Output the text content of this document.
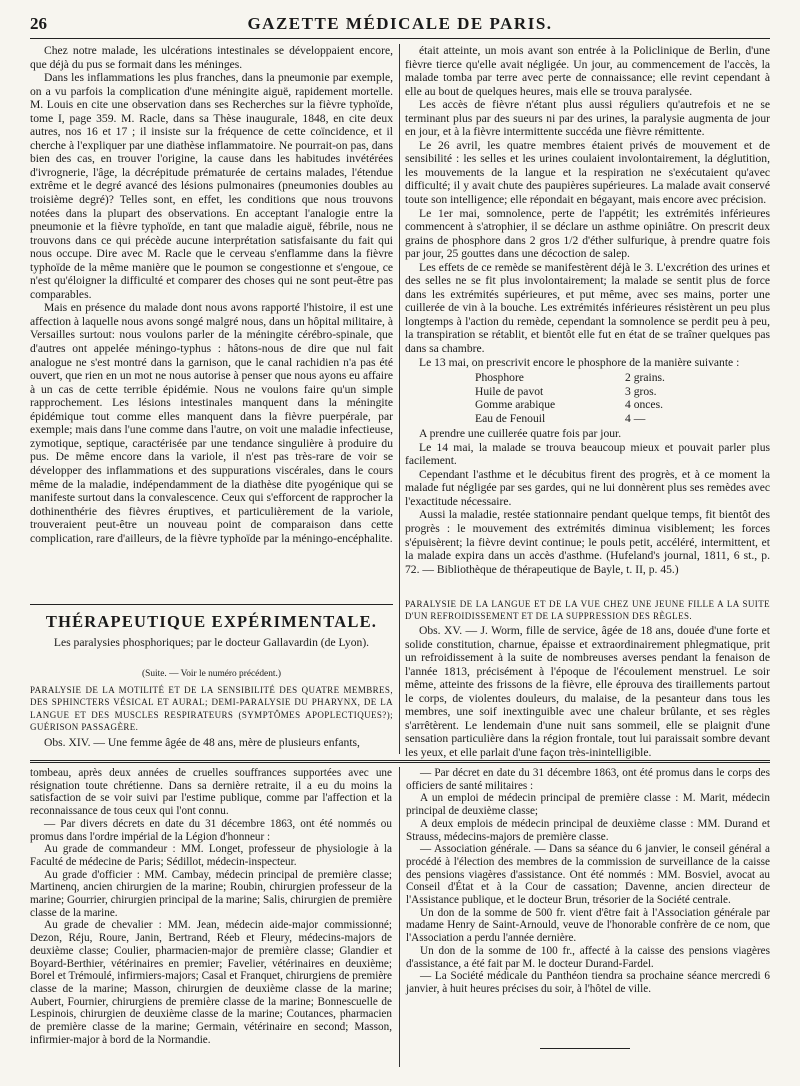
26	GAZETTE MÉDICALE DE PARIS.

Chez notre malade, les ulcérations intestinales se développaient encore, que déjà du pus se formait dans les méninges.

Dans les inflammations les plus franches, dans la pneumonie par exemple, on a vu parfois la complication d'une méningite aiguë, rapidement mortelle. M. Louis en cite une observation dans ses Recherches sur la fièvre typhoïde, tome I, page 359. M. Racle, dans sa Thèse inaugurale, 1848, en cite deux autres, nos 16 et 17 ; il insiste sur la fréquence de cette coïncidence, et il cherche à l'expliquer par une diathèse inflammatoire. Ne pourrait-on pas, dans bien des cas, en trouver l'origine, la cause dans les habitudes invétérées d'ivrognerie, l'âge, la décrépitude prématurée de certains malades, l'étendue extrême et le degré avancé des lésions pulmonaires (pneumonies doubles au troisième degré)? Telles sont, en effet, les conditions que nous trouvons notées dans la plupart des observations. En acceptant l'analogie entre la pneumonie et la fièvre typhoïde, en tant que maladie aiguë, fébrile, nous ne trouvons dans ce qui précède aucune interprétation satisfaisante du fait qui nous occupe. Dire avec M. Racle que le cerveau s'enflamme dans la fièvre typhoïde de la même manière que le poumon se congestionne et s'engoue, ce n'est qu'éloigner la difficulté et comparer des choses qui ne sont peut-être pas comparables.

Mais en présence du malade dont nous avons rapporté l'histoire, il est une affection à laquelle nous avons songé malgré nous, dans un hôpital militaire, à Versailles surtout: nous voulons parler de la méningite cérébro-spinale, que d'autres ont appelée méningo-typhus : hâtons-nous de dire que nul fait analogue ne s'est montré dans la garnison, que le canal rachidien n'a pas été ouvert, que rien en un mot ne nous autorise à penser que nous ayons eu affaire à un cas de cette terrible épidémie. Nous ne voulons faire qu'un simple rapprochement. Les lésions intestinales manquent dans la méningite épidémique tout comme elles manquent dans la fièvre puerpérale, par exemple; mais dans l'une comme dans l'autre, on voit une maladie infectieuse, zymotique, septique, caractérisée par une tendance singulière à produire du pus. De même encore dans la variole, il n'est pas très-rare de voir se développer des inflammations et des suppurations viscérales, dans le cours même de la maladie, indépendamment de la diathèse dite pyogénique qui se manifeste surtout dans la convalescence. Ceux qui s'efforcent de rapprocher la dothinenthérie des fièvres éruptives, et particulièrement de la variole, trouveraient peut-être un nouveau point de comparaison dans cette complication, rare d'ailleurs, de la fièvre typhoïde par la méningo-encéphalite.

THÉRAPEUTIQUE EXPÉRIMENTALE.
Les paralysies phosphoriques; par le docteur Gallavardin (de Lyon).
(Suite. — Voir le numéro précédent.)
PARALYSIE DE LA MOTILITÉ ET DE LA SENSIBILITÉ DES QUATRE MEMBRES, DES SPHINCTERS VÉSICAL ET AURAL; DEMI-PARALYSIE DU PHARYNX, DE LA LANGUE ET DES MUSCLES RESPIRATEURS (SYMPTÔMES APOPLECTIQUES?); GUÉRISON PASSAGÈRE.

Obs. XIV. — Une femme âgée de 48 ans, mère de plusieurs enfants,

était atteinte, un mois avant son entrée à la Policlinique de Berlin, d'une fièvre tierce qu'elle avait négligée. Un jour, au commencement de l'accès, la malade tomba par terre avec perte de connaissance; elle revint cependant à elle au bout de quelques heures, mais elle se trouva paralysée.

Les accès de fièvre n'étant plus aussi réguliers qu'autrefois et ne se terminant plus par des sueurs ni par des urines, la paralysie augmenta de jour en jour, et à la fièvre intermittente succéda une fièvre rémittente.

Le 26 avril, les quatre membres étaient privés de mouvement et de sensibilité : les selles et les urines coulaient involontairement, la déglutition, les mouvements de la langue et la respiration ne s'exécutaient qu'avec difficulté; il y avait chute des paupières supérieures. La malade avait conservé toute son intelligence; elle répondait en bégayant, mais encore avec précision.

Le 1er mai, somnolence, perte de l'appétit; les extrémités inférieures commencent à s'atrophier, il se déclare un asthme opiniâtre. On prescrit deux grains de phosphore dans 2 gros 1/2 d'éther sulfurique, à prendre quatre fois par jour, 25 gouttes dans une décoction de salep.

Les effets de ce remède se manifestèrent déjà le 3. L'excrétion des urines et des selles ne se fit plus involontairement; la malade se sentit plus de force dans les extrémités supérieures, et put même, avec ses mains, porter une cuillerée de vin à la bouche. Les extrémités inférieures résistèrent un peu plus longtemps à l'action du remède, cependant la somnolence se perdit peu à peu, la transpiration se rétablit, et bientôt elle fut en état de se traîner quelques pas dans sa chambre.

Le 13 mai, on prescrivit encore le phosphore de la manière suivante :

Phosphore	2 grains.
Huile de pavot	3 gros.
Gomme arabique	4 onces.
Eau de Fenouil	4 —

A prendre une cuillerée quatre fois par jour.

Le 14 mai, la malade se trouva beaucoup mieux et pouvait parler plus facilement.

Cependant l'asthme et le décubitus firent des progrès, et à ce moment la malade fut négligée par ses gardes, qui ne lui donnèrent plus ses remèdes avec l'exactitude nécessaire.

Aussi la maladie, restée stationnaire pendant quelque temps, fit bientôt des progrès : le mouvement des extrémités diminua visiblement; les forces s'épuisèrent; la fièvre devint continue; le pouls petit, accéléré, intermittent, et la malade expira dans un accès d'asthme. (Hufeland's journal, 1811, 6 st., p. 72. — Bibliothèque de thérapeutique de Bayle, t. II, p. 45.)

PARALYSIE DE LA LANGUE ET DE LA VUE CHEZ UNE JEUNE FILLE A LA SUITE D'UN REFROIDISSEMENT ET DE LA SUPPRESSION DES RÈGLES.

Obs. XV. — J. Worm, fille de service, âgée de 18 ans, douée d'une forte et solide constitution, charnue, épaisse et extraordinairement phlegmatique, prit un refroidissement à la suite de nombreuses averses pendant la fenaison de l'année 1813, précisément à l'époque de l'écoulement menstruel. Le soir même, atteinte des frissons de la fièvre, elle éprouva des tiraillements partout le corps, de violentes douleurs, du malaise, de la pesanteur dans tous les membres, une soif inextinguible avec une chaleur brûlante, et ses règles s'arrêtèrent. Le lendemain d'une nuit sans sommeil, elle se plaignit d'une sensation particulière dans la région frontale, tout lui paraissait sombre devant les yeux, et elle parlait d'une façon très-inintelligible.

tombeau, après deux années de cruelles souffrances supportées avec une résignation toute chrétienne. Dans sa dernière retraite, il a eu du moins la satisfaction de se voir suivi par l'estime publique, comme par l'affection et la reconnaissance de tous ceux qui l'ont connu.

— Par divers décrets en date du 31 décembre 1863, ont été nommés ou promus dans l'ordre impérial de la Légion d'honneur :

Au grade de commandeur : MM. Longet, professeur de physiologie à la Faculté de médecine de Paris; Sédillot, médecin-inspecteur.

Au grade d'officier : MM. Cambay, médecin principal de première classe; Martinenq, ancien chirurgien de la marine; Roubin, chirurgien professeur de la marine; Gourrier, chirurgien principal de la marine; Salis, chirurgien de première classe de la marine.

Au grade de chevalier : MM. Jean, médecin aide-major commissionné; Dezon, Réju, Roure, Janin, Bertrand, Réeb et Fleury, médecins-majors de deuxième classe; Coulier, pharmacien-major de première classe; Glandier et Boyard-Berthier, vétérinaires en premier; Favelier, vétérinaires en deuxième; Borel et Trémoulé, infirmiers-majors; Casal et Franquet, chirurgiens de première classe de la marine; Masson, chirurgien de deuxième classe de la marine; Aubert, Fournier, chirurgiens de première classe de la marine; Bonnescuelle de Lespinois, chirurgien de deuxième classe de la marine; Coutances, pharmacien de première classe de la marine; Germain, vétérinaire en second; Masson, infirmier-major à bord de la Normandie.

— Par décret en date du 31 décembre 1863, ont été promus dans le corps des officiers de santé militaires :

A un emploi de médecin principal de première classe : M. Marit, médecin principal de deuxième classe;

A deux emplois de médecin principal de deuxième classe : MM. Durand et Strauss, médecins-majors de première classe.

— Association générale. — Dans sa séance du 6 janvier, le conseil général a procédé à l'élection des membres de la commission de surveillance de la caisse des pensions viagères d'assistance. Ont été nommés : MM. Bosviel, avocat au Conseil d'État et à la Cour de cassation; Davenne, ancien directeur de l'Assistance publique, et le docteur Brun, trésorier de la Société centrale.

Un don de la somme de 500 fr. vient d'être fait à l'Association générale par madame Henry de Saint-Arnould, veuve de l'honorable confrère de ce nom, que l'Association a perdu l'année dernière.

Un don de la somme de 100 fr., affecté à la caisse des pensions viagères d'assistance, a été fait par M. le docteur Durand-Fardel.

— La Société médicale du Panthéon tiendra sa prochaine séance mercredi 6 janvier, à huit heures précises du soir, à l'hôtel de ville.
